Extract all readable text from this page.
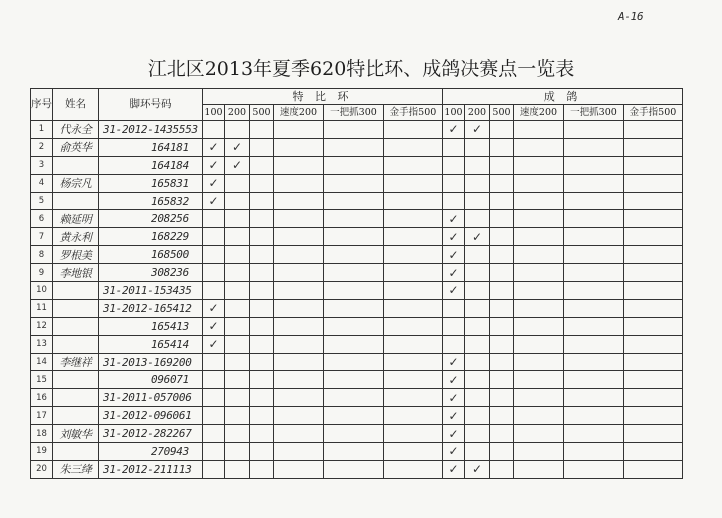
A-16
江北区2013年夏季620特比环、成鸽决赛点一览表
序号	姓名	脚环号码	特 比 环						成 鸽					
			100	200	500	速度200	一把抓300	金手指500	100	200	500	速度200	一把抓300	金手指500
1	代永全	31-2012-1435553							✓	✓				
2	俞英华	164181	✓	✓										
3		164184	✓	✓										
4	杨宗凡	165831	✓											
5		165832	✓											
6	赖延明	208256							✓					
7	黄永利	168229							✓	✓				
8	罗根美	168500							✓					
9	李地银	308236							✓					
10		31-2011-153435							✓					
11		31-2012-165412	✓											
12		165413	✓											
13		165414	✓											
14	李继祥	31-2013-169200							✓					
15		096071							✓					
16		31-2011-057006							✓					
17		31-2012-096061							✓					
18	刘敏华	31-2012-282267							✓					
19		270943							✓					
20	朱三绛	31-2012-211113							✓	✓				
